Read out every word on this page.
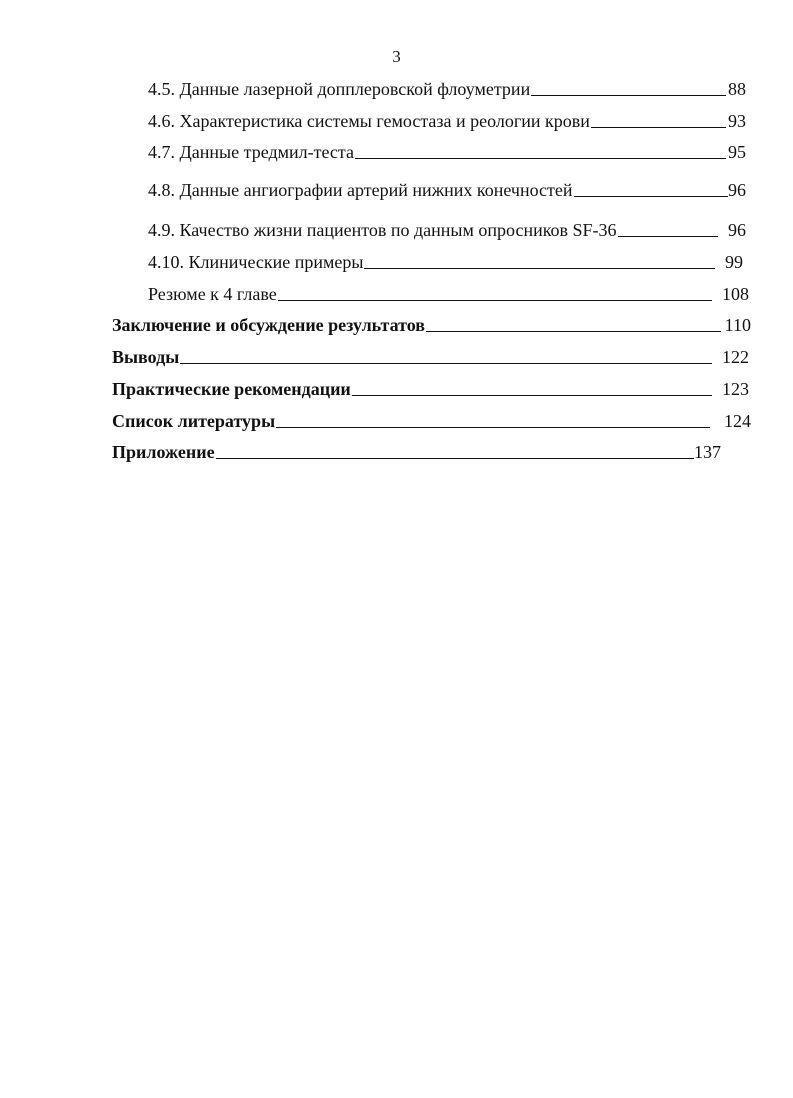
3
4.5. Данные лазерной допплеровской флоуметрии	88
4.6. Характеристика системы гемостаза и реологии крови	93
4.7. Данные тредмил-теста	95
4.8. Данные ангиографии артерий нижних конечностей	96
4.9. Качество жизни пациентов по данным опросников SF-36	96
4.10. Клинические примеры	99
Резюме к 4 главе	108
Заключение и обсуждение результатов	110
Выводы	122
Практические рекомендации	123
Список литературы	124
Приложение	137
